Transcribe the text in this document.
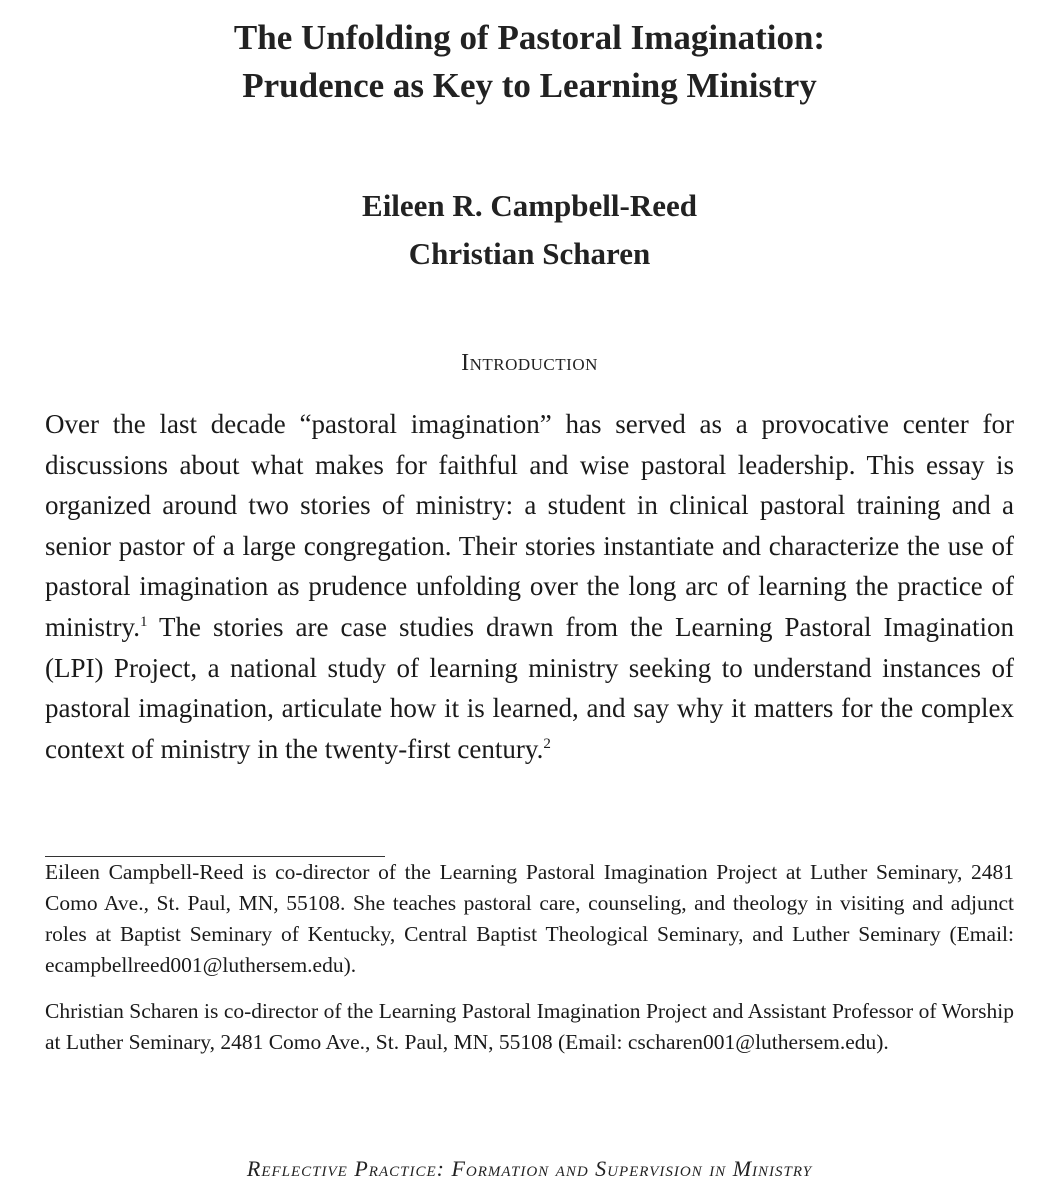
The Unfolding of Pastoral Imagination:
Prudence as Key to Learning Ministry
Eileen R. Campbell-Reed
Christian Scharen
Introduction
Over the last decade “pastoral imagination” has served as a provocative center for discussions about what makes for faithful and wise pastoral leadership. This essay is organized around two stories of ministry: a student in clinical pastoral training and a senior pastor of a large congregation. Their stories instantiate and characterize the use of pastoral imagination as prudence unfolding over the long arc of learning the practice of ministry.$^1$ The stories are case studies drawn from the Learning Pastoral Imagination (LPI) Project, a national study of learning ministry seeking to understand instances of pastoral imagination, articulate how it is learned, and say why it matters for the complex context of ministry in the twenty-first century.$^2$
Eileen Campbell-Reed is co-director of the Learning Pastoral Imagination Project at Luther Seminary, 2481 Como Ave., St. Paul, MN, 55108. She teaches pastoral care, counseling, and theology in visiting and adjunct roles at Baptist Seminary of Kentucky, Central Baptist Theological Seminary, and Luther Seminary (Email: ecampbellreed001@luthersem.edu).
Christian Scharen is co-director of the Learning Pastoral Imagination Project and Assistant Professor of Worship at Luther Seminary, 2481 Como Ave., St. Paul, MN, 55108 (Email: cscharen001@luthersem.edu).
Reflective Practice: Formation and Supervision in Ministry
